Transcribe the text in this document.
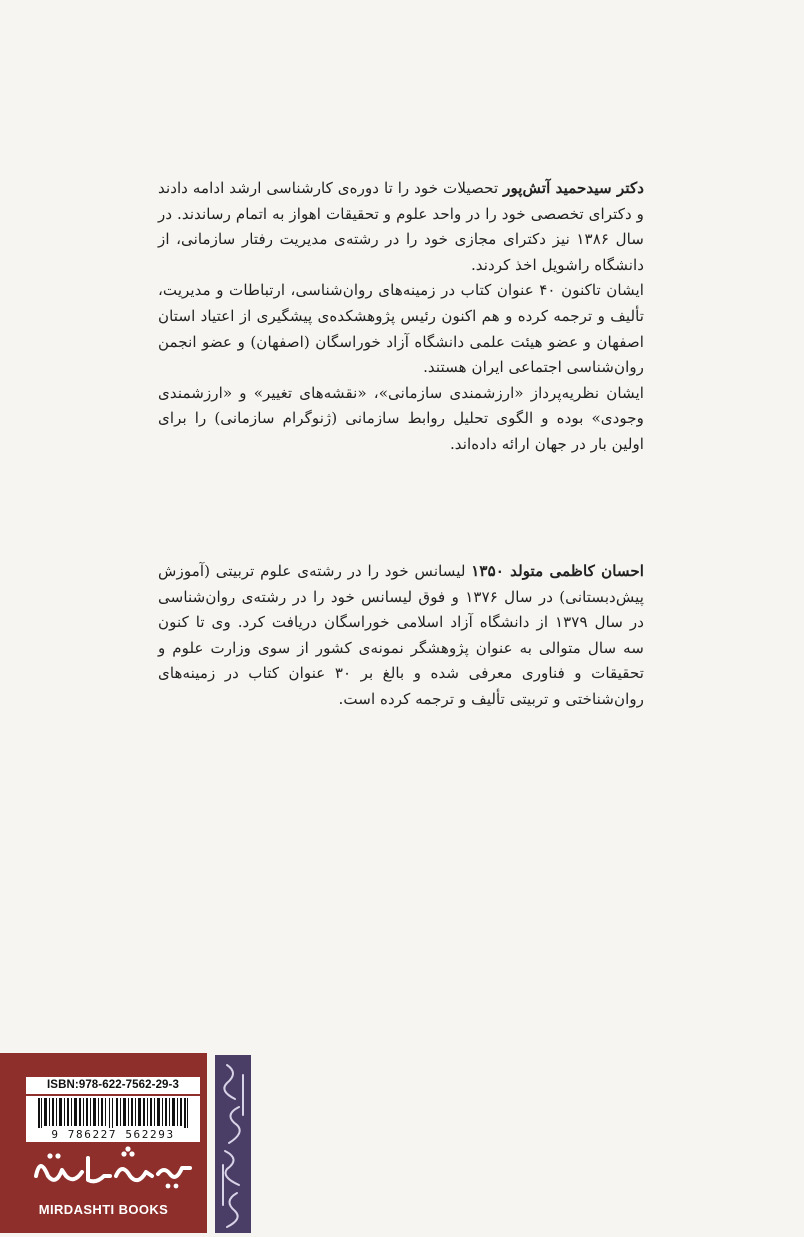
دکتر سیدحمید آتش‌پور تحصیلات خود را تا دوره‌ی کارشناسی ارشد ادامه دادند و دکترای تخصصی خود را در واحد علوم و تحقیقات اهواز به اتمام رساندند. در سال ۱۳۸۶ نیز دکترای مجازی خود را در رشته‌ی مدیریت رفتار سازمانی، از دانشگاه راشویل اخذ کردند.

ایشان تاکنون ۴۰ عنوان کتاب در زمینه‌های روان‌شناسی، ارتباطات و مدیریت، تألیف و ترجمه کرده و هم اکنون رئیس پژوهشکده‌ی پیشگیری از اعتیاد استان اصفهان و عضو هیئت علمی دانشگاه آزاد خوراسگان (اصفهان) و عضو انجمن روان‌شناسی اجتماعی ایران هستند.

ایشان نظریه‌پرداز «ارزشمندی سازمانی»، «نقشه‌های تغییر» و «ارزشمندی وجودی» بوده و الگوی تحلیل روابط سازمانی (ژنوگرام سازمانی) را برای اولین بار در جهان ارائه داده‌اند.

احسان کاظمی متولد ۱۳۵۰ لیسانس خود را در رشته‌ی علوم تربیتی (آموزش پیش‌دبستانی) در سال ۱۳۷۶ و فوق لیسانس خود را در رشته‌ی روان‌شناسی در سال ۱۳۷۹ از دانشگاه آزاد اسلامی خوراسگان دریافت کرد. وی تا کنون سه سال متوالی به عنوان پژوهشگر نمونه‌ی کشور از سوی وزارت علوم و تحقیقات و فناوری معرفی شده و بالغ بر ۳۰ عنوان کتاب در زمینه‌های روان‌شناختی و تربیتی تألیف و ترجمه کرده است.

ISBN:978-622-7562-29-3
9 786227 562293
MIRDASHTI BOOKS
